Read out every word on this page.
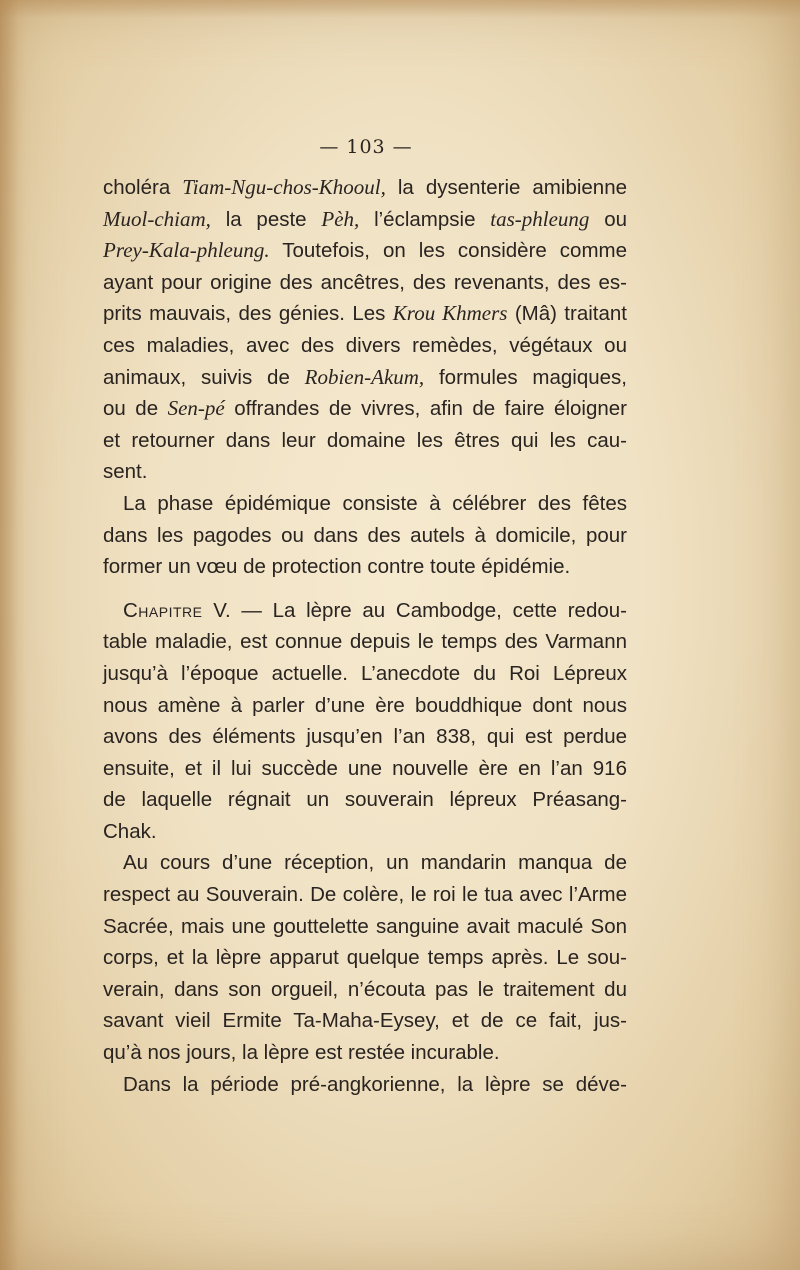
— 103 —
choléra Tiam-Ngu-chos-Khooul, la dysenterie amibienne
Muol-chiam, la peste Pèh, l’éclampsie tas-phleung ou
Prey-Kala-phleung. Toutefois, on les considère comme
ayant pour origine des ancêtres, des revenants, des es-
prits mauvais, des génies. Les Krou Khmers (Mâ) traitant
ces maladies, avec des divers remèdes, végétaux ou
animaux, suivis de Robien-Akum, formules magiques,
ou de Sen-pé offrandes de vivres, afin de faire éloigner
et retourner dans leur domaine les êtres qui les cau-
sent.
La phase épidémique consiste à célébrer des fêtes
dans les pagodes ou dans des autels à domicile, pour
former un vœu de protection contre toute épidémie.
Chapitre V. — La lèpre au Cambodge, cette redou-
table maladie, est connue depuis le temps des Varmann
jusqu’à l’époque actuelle. L’anecdote du Roi Lépreux
nous amène à parler d’une ère bouddhique dont nous
avons des éléments jusqu’en l’an 838, qui est perdue
ensuite, et il lui succède une nouvelle ère en l’an 916
de laquelle régnait un souverain lépreux Préasang-
Chak.
Au cours d’une réception, un mandarin manqua de
respect au Souverain. De colère, le roi le tua avec l’Arme
Sacrée, mais une gouttelette sanguine avait maculé Son
corps, et la lèpre apparut quelque temps après. Le sou-
verain, dans son orgueil, n’écouta pas le traitement du
savant vieil Ermite Ta-Maha-Eysey, et de ce fait, jus-
qu’à nos jours, la lèpre est restée incurable.
Dans la période pré-angkorienne, la lèpre se déve-
